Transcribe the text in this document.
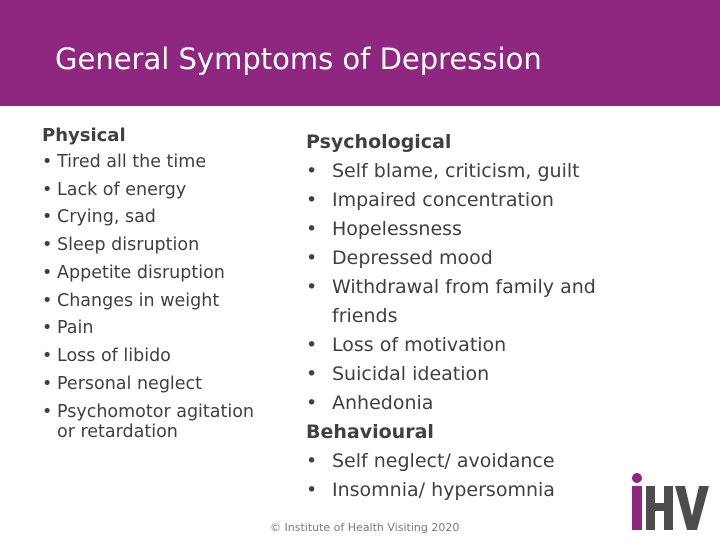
General Symptoms of Depression
Physical
• Tired all the time
• Lack of energy
• Crying, sad
• Sleep disruption
• Appetite disruption
• Changes in weight
• Pain
• Loss of libido
• Personal neglect
• Psychomotor agitation or retardation
Psychological
• Self blame, criticism, guilt
• Impaired concentration
• Hopelessness
• Depressed mood
• Withdrawal from family and friends
• Loss of motivation
• Suicidal ideation
• Anhedonia
Behavioural
• Self neglect/ avoidance
• Insomnia/ hypersomnia
© Institute of Health Visiting 2020
